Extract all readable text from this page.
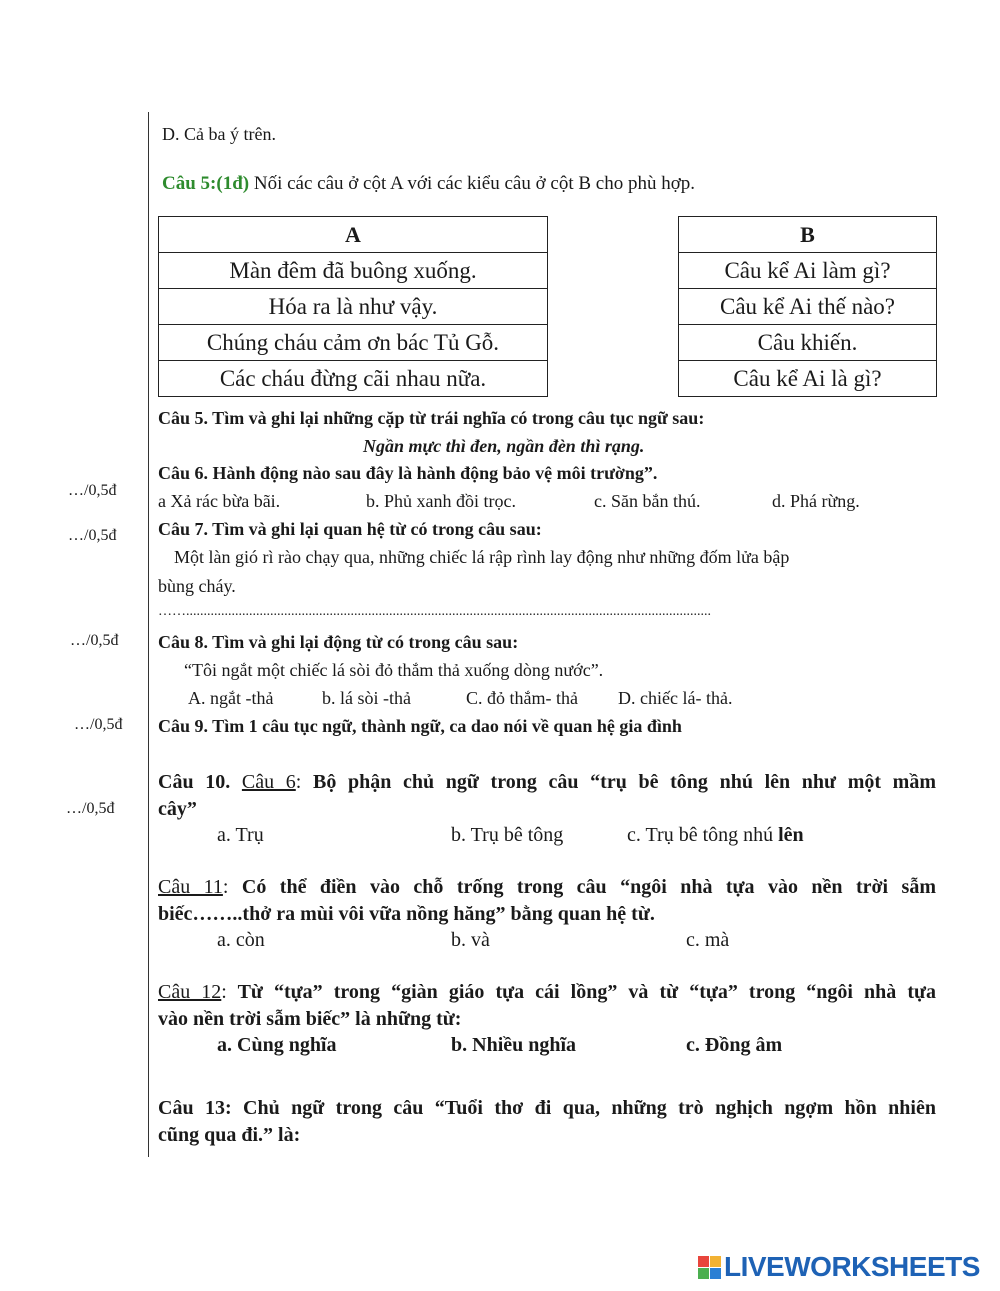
D. Cả ba ý trên.
Câu 5:(1đ) Nối các câu ở cột A với các kiểu câu ở cột B cho phù hợp.
A
Màn đêm đã buông xuống.
Hóa ra là như vậy.
Chúng cháu cảm ơn bác Tủ Gỗ.
Các cháu đừng cãi nhau nữa.
B
Câu kể Ai làm gì?
Câu kể Ai thế nào?
Câu khiến.
Câu kể Ai là gì?
Câu 5. Tìm và ghi lại những cặp từ trái nghĩa có trong câu tục ngữ sau:
Ngần mực thì đen, ngần đèn thì rạng.
…/0,5đ
Câu 6. Hành động nào sau đây là hành động bảo vệ môi trường”.
a Xả rác bừa bãi.	b. Phủ xanh đồi trọc.	c. Săn bắn thú.	d. Phá rừng.
…/0,5đ Câu 7. Tìm và ghi lại quan hệ từ có trong câu sau:
Một làn gió rì rào chạy qua, những chiếc lá rập rình lay động như những đốm lửa bập
bùng cháy.
……......................................................................................................................................................
…/0,5đ Câu 8. Tìm và ghi lại động từ có trong câu sau:
“Tôi ngắt một chiếc lá sòi đỏ thắm thả xuống dòng nước”.
A. ngắt -thả	b. lá sòi -thả	C. đỏ thắm- thả D. chiếc lá- thả.
…/0,5đ Câu 9. Tìm 1 câu tục ngữ, thành ngữ, ca dao nói về quan hệ gia đình
…/0,5đ
Câu 10. Câu 6: Bộ phận chủ ngữ trong câu “trụ bê tông nhú lên như một mầm
cây”
a. Trụ	b. Trụ bê tông	c. Trụ bê tông nhú lên
Câu 11: Có thể điền vào chỗ trống trong câu “ngôi nhà tựa vào nền trời sẫm
biếc……..thở ra mùi vôi vữa nồng hăng” bằng quan hệ từ.
a. còn	b. và	c. mà
Câu 12: Từ “tựa” trong “giàn giáo tựa cái lồng” và từ “tựa” trong “ngôi nhà tựa
vào nền trời sẫm biếc” là những từ:
a. Cùng nghĩa	b. Nhiều nghĩa	c. Đồng âm
Câu 13: Chủ ngữ trong câu “Tuổi thơ đi qua, những trò nghịch ngợm hồn nhiên
cũng qua đi.” là:
LIVEWORKSHEETS
